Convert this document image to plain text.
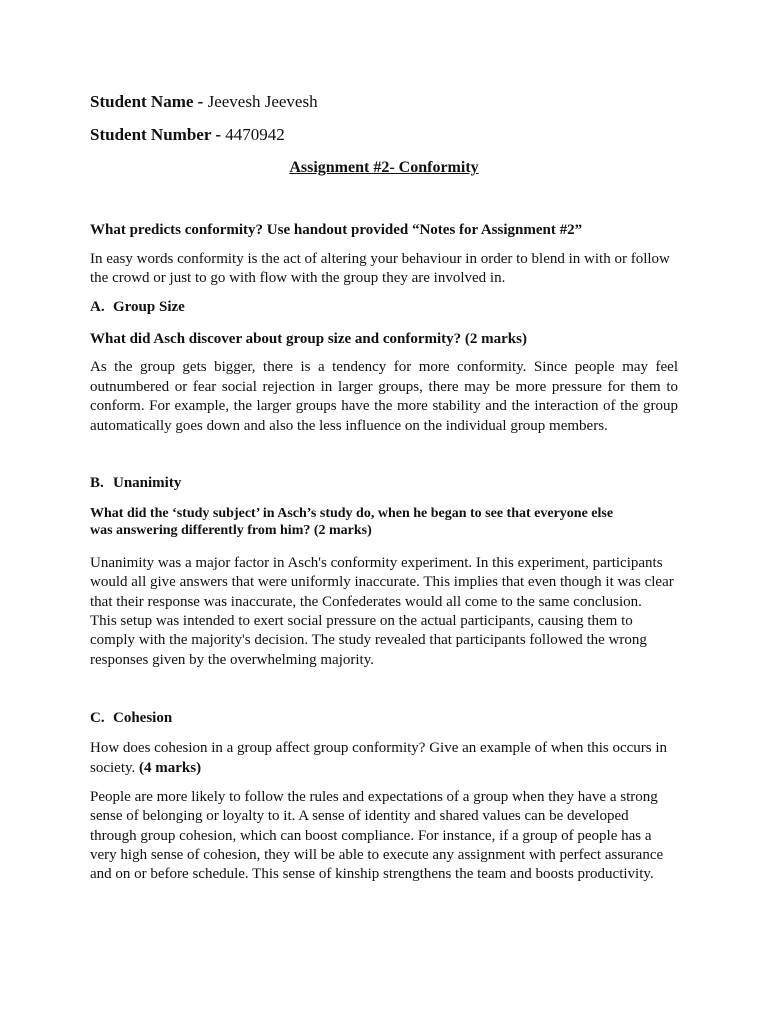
Student Name - Jeevesh Jeevesh

Student Number - 4470942

Assignment #2- Conformity

What predicts conformity? Use handout provided “Notes for Assignment #2”

In easy words conformity is the act of altering your behaviour in order to blend in with or follow

the crowd or just to go with flow with the group they are involved in.

A. Group Size

What did Asch discover about group size and conformity? (2 marks)

As the group gets bigger, there is a tendency for more conformity. Since people may feel outnumbered or fear social rejection in larger groups, there may be more pressure for them to conform. For example, the larger groups have the more stability and the interaction of the group automatically goes down and also the less influence on the individual group members.

B. Unanimity

What did the ‘study subject’ in Asch’s study do, when he began to see that everyone else

was answering differently from him? (2 marks)

Unanimity was a major factor in Asch's conformity experiment. In this experiment, participants

would all give answers that were uniformly inaccurate. This implies that even though it was clear

that their response was inaccurate, the Confederates would all come to the same conclusion.

This setup was intended to exert social pressure on the actual participants, causing them to

comply with the majority's decision. The study revealed that participants followed the wrong

responses given by the overwhelming majority.

C. Cohesion

How does cohesion in a group affect group conformity? Give an example of when this occurs in

society. (4 marks)

People are more likely to follow the rules and expectations of a group when they have a strong

sense of belonging or loyalty to it. A sense of identity and shared values can be developed

through group cohesion, which can boost compliance. For instance, if a group of people has a

very high sense of cohesion, they will be able to execute any assignment with perfect assurance

and on or before schedule. This sense of kinship strengthens the team and boosts productivity.
